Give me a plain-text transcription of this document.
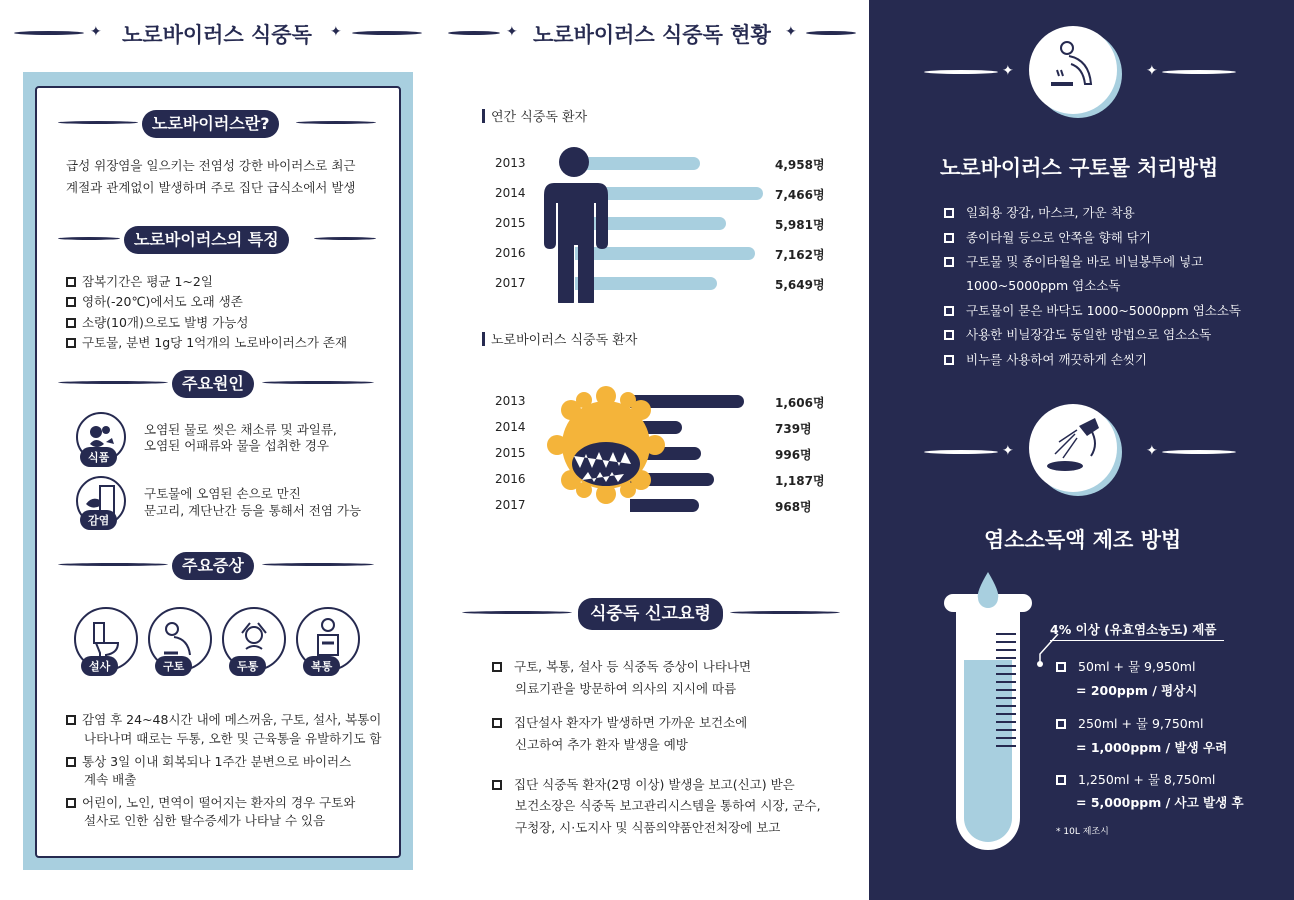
✦ 노로바이러스 식중독 ✦
노로바이러스란?
급성 위장염을 일으키는 전염성 강한 바이러스로 최근
계절과 관계없이 발생하며 주로 집단 급식소에서 발생
노로바이러스의 특징
잠복기간은 평균 1~2일
영하(-20℃)에서도 오래 생존
소량(10개)으로도 발병 가능성
구토물, 분변 1g당 1억개의 노로바이러스가 존재
주요원인
식품
오염된 물로 씻은 채소류 및 과일류,
오염된 어패류와 물을 섭취한 경우
감염
구토물에 오염된 손으로 만진
문고리, 계단난간 등을 통해서 전염 가능
주요증상
설사	구토	두통	복통
감염 후 24~48시간 내에 메스꺼움, 구토, 설사, 복통이
나타나며 때로는 두통, 오한 및 근육통을 유발하기도 함
통상 3일 이내 회복되나 1주간 분변으로 바이러스
계속 배출
어린이, 노인, 면역이 떨어지는 환자의 경우 구토와
설사로 인한 심한 탈수증세가 나타날 수 있음
✦ 노로바이러스 식중독 현황 ✦
연간 식중독 환자
2013	4,958명
2014	7,466명
2015	5,981명
2016	7,162명
2017	5,649명
노로바이러스 식중독 환자
2013	1,606명
2014	739명
2015	996명
2016	1,187명
2017	968명
식중독 신고요령
구토, 복통, 설사 등 식중독 증상이 나타나면
의료기관을 방문하여 의사의 지시에 따름
집단설사 환자가 발생하면 가까운 보건소에
신고하여 추가 환자 발생을 예방
집단 식중독 환자(2명 이상) 발생을 보고(신고) 받은
보건소장은 식중독 보고관리시스템을 통하여 시장, 군수,
구청장, 시·도지사 및 식품의약품안전처장에 보고
✦	✦
노로바이러스 구토물 처리방법
일회용 장갑, 마스크, 가운 착용
종이타월 등으로 안쪽을 향해 닦기
구토물 및 종이타월을 바로 비닐봉투에 넣고
1000~5000ppm 염소소독
구토물이 묻은 바닥도 1000~5000ppm 염소소독
사용한 비닐장갑도 동일한 방법으로 염소소독
비누를 사용하여 깨끗하게 손씻기
✦	✦
염소소독액 제조 방법
4% 이상 (유효염소농도) 제품
50ml + 물 9,950ml
= 200ppm / 평상시
250ml + 물 9,750ml
= 1,000ppm / 발생 우려
1,250ml + 물 8,750ml
= 5,000ppm / 사고 발생 후
* 10L 제조시
